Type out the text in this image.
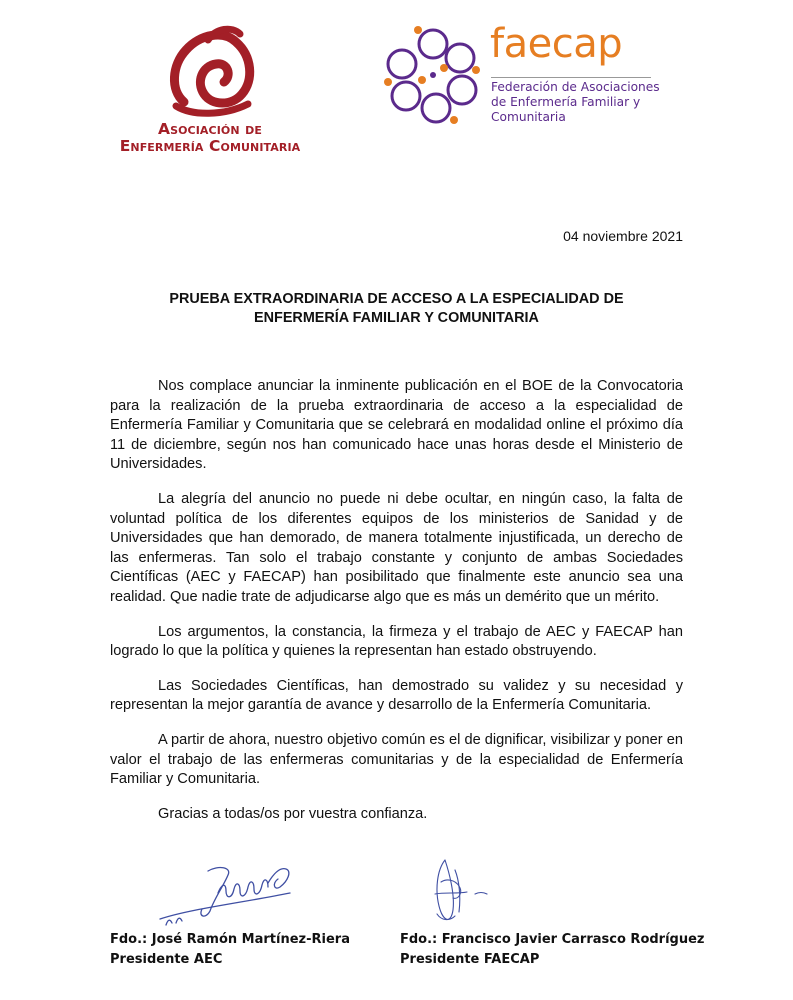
Asociación de
Enfermería Comunitaria
faecap
Federación de Asociaciones
de Enfermería Familiar y
Comunitaria
04 noviembre 2021
PRUEBA EXTRAORDINARIA DE ACCESO A LA ESPECIALIDAD DE
ENFERMERÍA FAMILIAR Y COMUNITARIA

Nos complace anunciar la inminente publicación en el BOE de la Convocatoria para la realización de la prueba extraordinaria de acceso a la especialidad de Enfermería Familiar y Comunitaria que se celebrará en modalidad online el próximo día 11 de diciembre, según nos han comunicado hace unas horas desde el Ministerio de Universidades.

La alegría del anuncio no puede ni debe ocultar, en ningún caso, la falta de voluntad política de los diferentes equipos de los ministerios de Sanidad y de Universidades que han demorado, de manera totalmente injustificada, un derecho de las enfermeras. Tan solo el trabajo constante y conjunto de ambas Sociedades Científicas (AEC y FAECAP) han posibilitado que finalmente este anuncio sea una realidad. Que nadie trate de adjudicarse algo que es más un demérito que un mérito.

Los argumentos, la constancia, la firmeza y el trabajo de AEC y FAECAP han logrado lo que la política y quienes la representan han estado obstruyendo.

Las Sociedades Científicas, han demostrado su validez y su necesidad y representan la mejor garantía de avance y desarrollo de la Enfermería Comunitaria.

A partir de ahora, nuestro objetivo común es el de dignificar, visibilizar y poner en valor el trabajo de las enfermeras comunitarias y de la especialidad de Enfermería Familiar y Comunitaria.

Gracias a todas/os por vuestra confianza.

Fdo.: José Ramón Martínez-Riera
Presidente AEC
Fdo.: Francisco Javier Carrasco Rodríguez
Presidente FAECAP
